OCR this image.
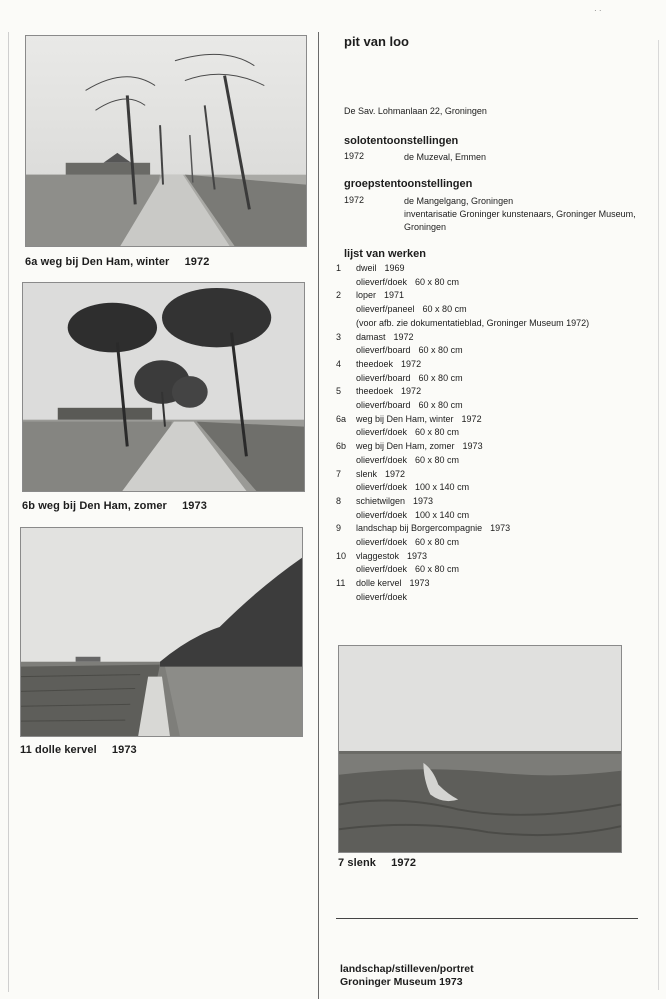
· ·
6a weg bij Den Ham, winter 1972
6b weg bij Den Ham, zomer 1973
11 dolle kervel 1973
7 slenk 1972
pit van loo
De Sav. Lohmanlaan 22, Groningen
solotentoonstellingen
1972	de Muzeval, Emmen
groepstentoonstellingen
1972	de Mangelgang, Groningen
inventarisatie Groninger kunstenaars, Groninger Museum,
Groningen
lijst van werken
1	dweil 1969
olieverf/doek 60 x 80 cm
2	loper 1971
olieverf/paneel 60 x 80 cm
(voor afb. zie dokumentatieblad, Groninger Museum 1972)
3	damast 1972
olieverf/board 60 x 80 cm
4	theedoek 1972
olieverf/board 60 x 80 cm
5	theedoek 1972
olieverf/board 60 x 80 cm
6a	weg bij Den Ham, winter 1972
olieverf/doek 60 x 80 cm
6b	weg bij Den Ham, zomer 1973
olieverf/doek 60 x 80 cm
7	slenk 1972
olieverf/doek 100 x 140 cm
8	schietwilgen 1973
olieverf/doek 100 x 140 cm
9	landschap bij Borgercompagnie 1973
olieverf/doek 60 x 80 cm
10	vlaggestok 1973
olieverf/doek 60 x 80 cm
11	dolle kervel 1973
olieverf/doek
landschap/stilleven/portret
Groninger Museum 1973
